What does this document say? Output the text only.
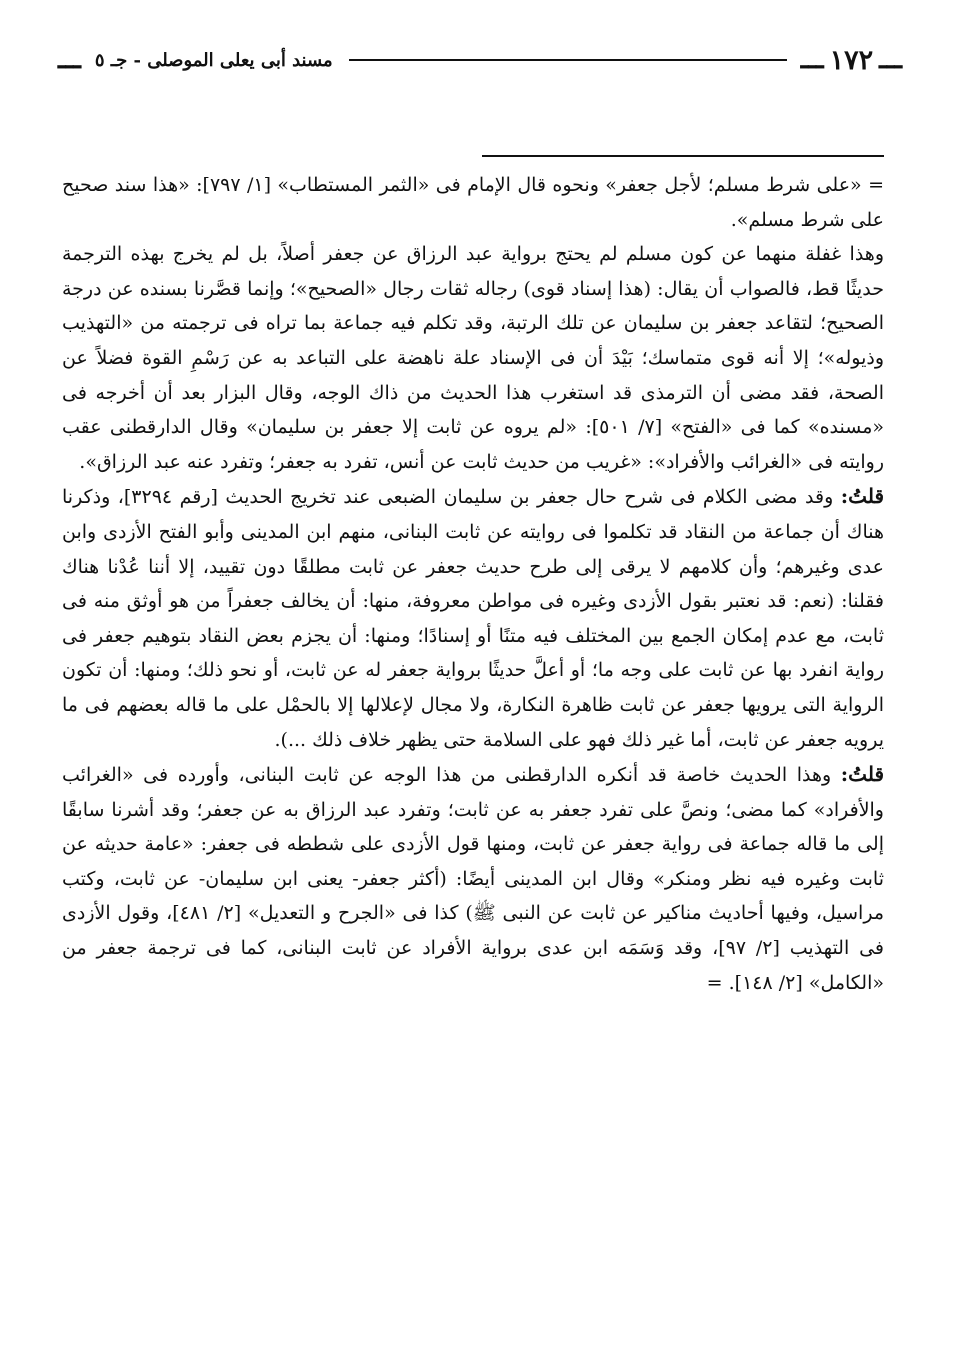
ـــ
١٧٢
ـــ
مسند أبى يعلى الموصلى - جـ ٥
ـــ

= «على شرط مسلم؛ لأجل جعفر» ونحوه قال الإمام فى «الثمر المستطاب» [١/ ٧٩٧]: «هذا سند صحيح على شرط مسلم».

وهذا غفلة منهما عن كون مسلم لم يحتج برواية عبد الرزاق عن جعفر أصلاً، بل لم يخرج بهذه الترجمة حديثًا قط، فالصواب أن يقال: (هذا إسناد قوى) رجاله ثقات رجال «الصحيح»؛ وإنما قصَّرنا بسنده عن درجة الصحيح؛ لتقاعد جعفر بن سليمان عن تلك الرتبة، وقد تكلم فيه جماعة بما تراه فى ترجمته من «التهذيب وذيوله»؛ إلا أنه قوى متماسك؛ بَيْدَ أن فى الإسناد علة ناهضة على التباعد به عن رَسْمِ القوة فضلاً عن الصحة، فقد مضى أن الترمذى قد استغرب هذا الحديث من ذاك الوجه، وقال البزار بعد أن أخرجه فى «مسنده» كما فى «الفتح» [٧/ ٥٠١]: «لم يروه عن ثابت إلا جعفر بن سليمان» وقال الدارقطنى عقب روايته فى «الغرائب والأفراد»: «غريب من حديث ثابت عن أنس، تفرد به جعفر؛ وتفرد عنه عبد الرزاق».

قلتُ: وقد مضى الكلام فى شرح حال جعفر بن سليمان الضبعى عند تخريج الحديث [رقم ٣٢٩٤]، وذكرنا هناك أن جماعة من النقاد قد تكلموا فى روايته عن ثابت البنانى، منهم ابن المدينى وأبو الفتح الأزدى وابن عدى وغيرهم؛ وأن كلامهم لا يرقى إلى طرح حديث جعفر عن ثابت مطلقًا دون تقييد، إلا أننا عُدْنا هناك فقلنا: (نعم: قد نعتبر بقول الأزدى وغيره فى مواطن معروفة، منها: أن يخالف جعفراً من هو أوثق منه فى ثابت، مع عدم إمكان الجمع بين المختلف فيه متنًا أو إسنادًا؛ ومنها: أن يجزم بعض النقاد بتوهيم جعفر فى رواية انفرد بها عن ثابت على وجه ما؛ أو أعلَّ حديثًا برواية جعفر له عن ثابت، أو نحو ذلك؛ ومنها: أن تكون الرواية التى يرويها جعفر عن ثابت ظاهرة النكارة، ولا مجال لإعلالها إلا بالحمْل على ما قاله بعضهم فى ما يرويه جعفر عن ثابت، أما غير ذلك فهو على السلامة حتى يظهر خلاف ذلك ...).

قلتُ: وهذا الحديث خاصة قد أنكره الدارقطنى من هذا الوجه عن ثابت البنانى، وأورده فى «الغرائب والأفراد» كما مضى؛ ونصَّ على تفرد جعفر به عن ثابت؛ وتفرد عبد الرزاق به عن جعفر؛ وقد أشرنا سابقًا إلى ما قاله جماعة فى رواية جعفر عن ثابت، ومنها قول الأزدى على شططه فى جعفر: «عامة حديثه عن ثابت وغيره فيه نظر ومنكر» وقال ابن المدينى أيضًا: (أكثر جعفر- يعنى ابن سليمان- عن ثابت، وكتب مراسيل، وفيها أحاديث مناكير عن ثابت عن النبى ﷺ) كذا فى «الجرح و التعديل» [٢/ ٤٨١]، وقول الأزدى فى التهذيب [٢/ ٩٧]، وقد وَسَمَه ابن عدى برواية الأفراد عن ثابت البنانى، كما فى ترجمة جعفر من «الكامل» [٢/ ١٤٨]. =
